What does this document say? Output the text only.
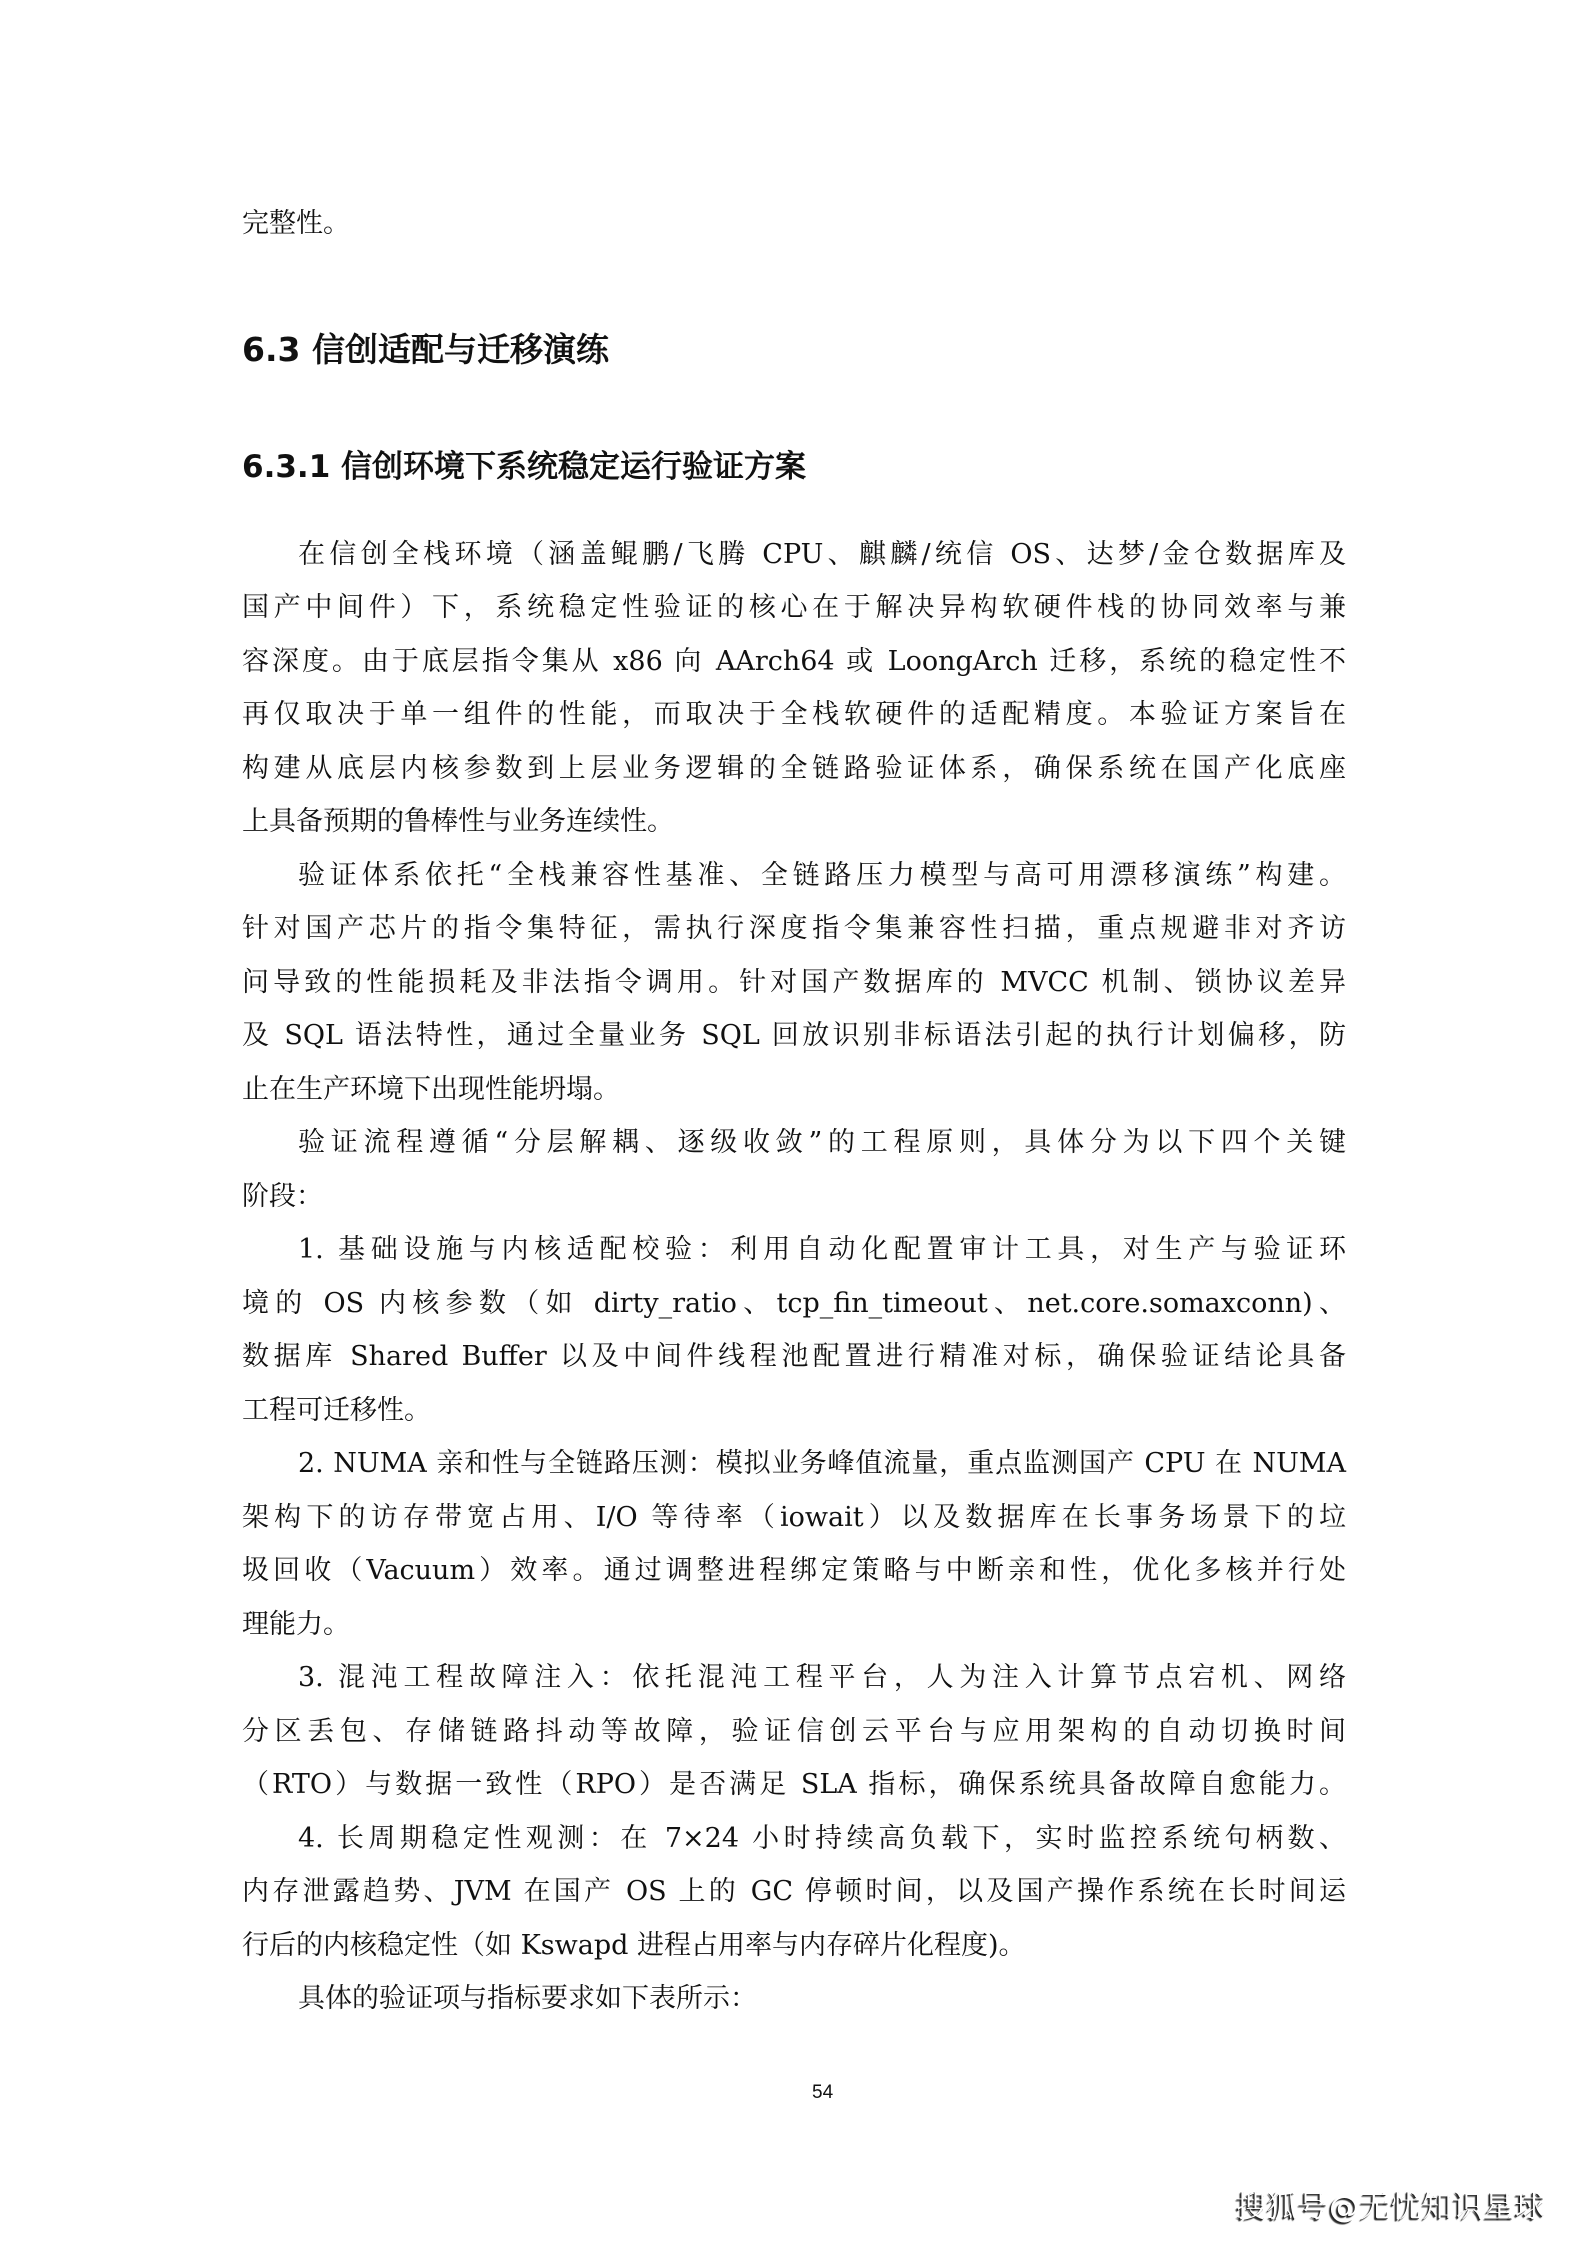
完整性。
6.3 信创适配与迁移演练
6.3.1 信创环境下系统稳定运行验证方案
在信创全栈环境（涵盖鲲鹏/飞腾 CPU、麒麟/统信 OS、达梦/金仓数据库及
国产中间件）下，系统稳定性验证的核心在于解决异构软硬件栈的协同效率与兼
容深度。由于底层指令集从 x86 向 AArch64 或 LoongArch 迁移，系统的稳定性不
再仅取决于单一组件的性能，而取决于全栈软硬件的适配精度。本验证方案旨在
构建从底层内核参数到上层业务逻辑的全链路验证体系，确保系统在国产化底座
上具备预期的鲁棒性与业务连续性。
验证体系依托“全栈兼容性基准、全链路压力模型与高可用漂移演练”构建。
针对国产芯片的指令集特征，需执行深度指令集兼容性扫描，重点规避非对齐访
问导致的性能损耗及非法指令调用。针对国产数据库的 MVCC 机制、锁协议差异
及 SQL 语法特性，通过全量业务 SQL 回放识别非标语法引起的执行计划偏移，防
止在生产环境下出现性能坍塌。
验证流程遵循“分层解耦、逐级收敛”的工程原则，具体分为以下四个关键
阶段：
1. 基础设施与内核适配校验：利用自动化配置审计工具，对生产与验证环
境的 OS 内核参数（如 dirty_ratio、tcp_fin_timeout、net.core.somaxconn)、
数据库 Shared Buffer 以及中间件线程池配置进行精准对标，确保验证结论具备
工程可迁移性。
2. NUMA 亲和性与全链路压测：模拟业务峰值流量，重点监测国产 CPU 在 NUMA
架构下的访存带宽占用、I/O 等待率（iowait）以及数据库在长事务场景下的垃
圾回收（Vacuum）效率。通过调整进程绑定策略与中断亲和性，优化多核并行处
理能力。
3. 混沌工程故障注入：依托混沌工程平台，人为注入计算节点宕机、网络
分区丢包、存储链路抖动等故障，验证信创云平台与应用架构的自动切换时间
（RTO）与数据一致性（RPO）是否满足 SLA 指标，确保系统具备故障自愈能力。
4. 长周期稳定性观测：在 7×24 小时持续高负载下，实时监控系统句柄数、
内存泄露趋势、JVM 在国产 OS 上的 GC 停顿时间，以及国产操作系统在长时间运
行后的内核稳定性（如 Kswapd 进程占用率与内存碎片化程度)。
具体的验证项与指标要求如下表所示：
54
搜狐号@无忧知识星球
